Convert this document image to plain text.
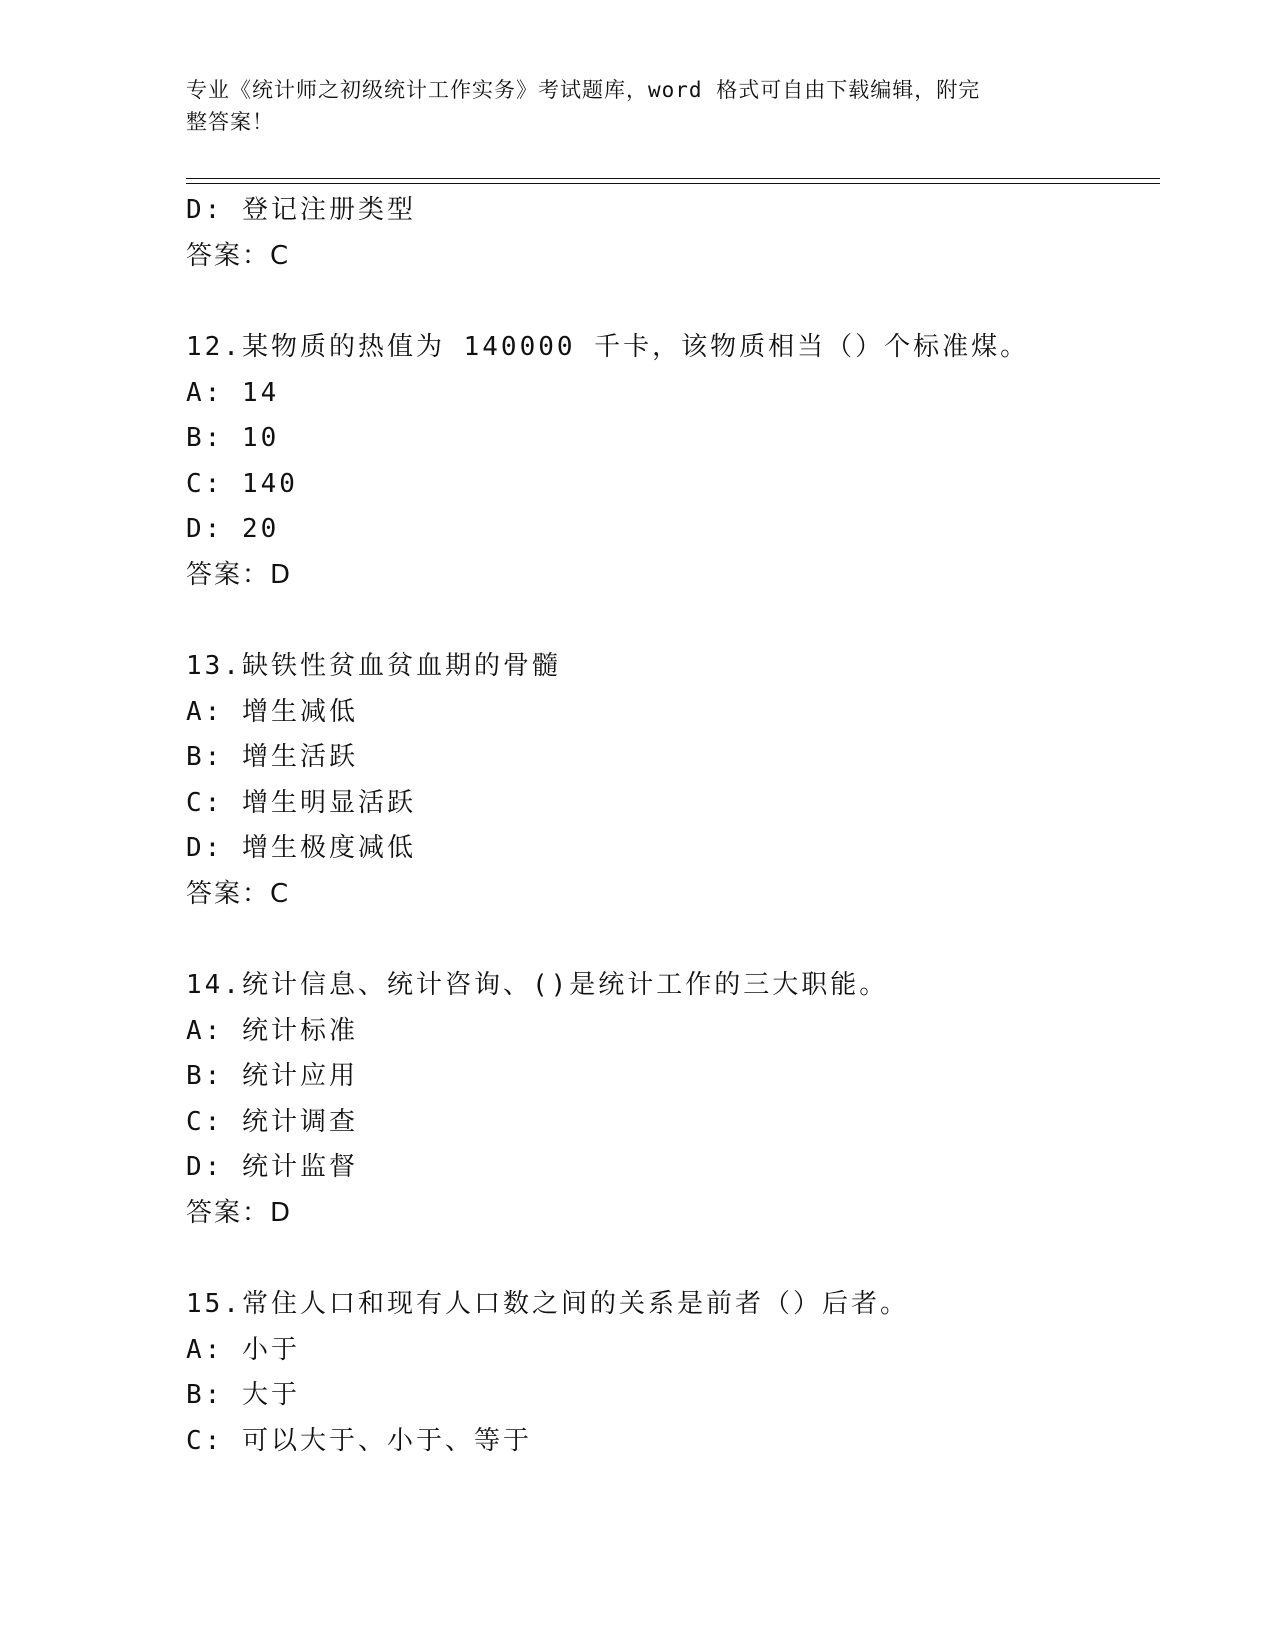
专业《统计师之初级统计工作实务》考试题库，word 格式可自由下载编辑，附完
整答案！
D: 登记注册类型
答案：C
12.某物质的热值为 140000 千卡，该物质相当（）个标准煤。
A: 14
B: 10
C: 140
D: 20
答案：D
13.缺铁性贫血贫血期的骨髓
A: 增生减低
B: 增生活跃
C: 增生明显活跃
D: 增生极度减低
答案：C
14.统计信息、统计咨询、()是统计工作的三大职能。
A: 统计标准
B: 统计应用
C: 统计调查
D: 统计监督
答案：D
15.常住人口和现有人口数之间的关系是前者（）后者。
A: 小于
B: 大于
C: 可以大于、小于、等于
